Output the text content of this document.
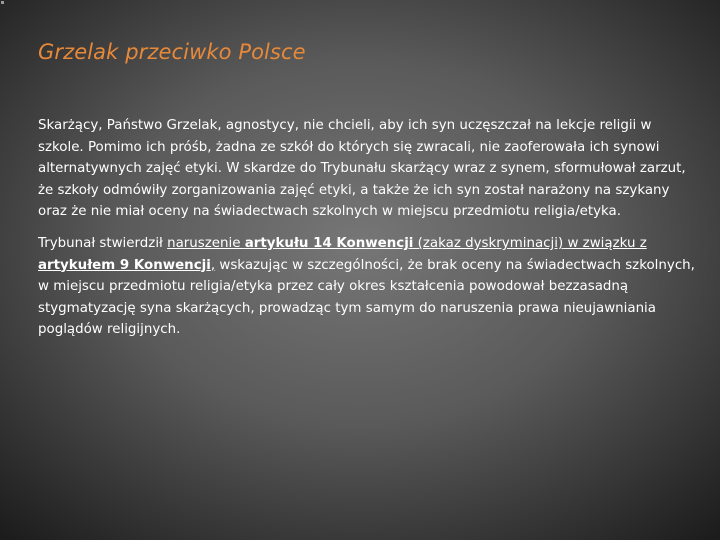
Grzelak przeciwko Polsce

Skarżący, Państwo Grzelak, agnostycy, nie chcieli, aby ich syn uczęszczał na lekcje religii w szkole. Pomimo ich próśb, żadna ze szkół do których się zwracali, nie zaoferowała ich synowi alternatywnych zajęć etyki. W skardze do Trybunału skarżący wraz z synem, sformułował zarzut, że szkoły odmówiły zorganizowania zajęć etyki, a także że ich syn został narażony na szykany oraz że nie miał oceny na świadectwach szkolnych w miejscu przedmiotu religia/etyka.

Trybunał stwierdził naruszenie artykułu 14 Konwencji (zakaz dyskryminacji) w związku z artykułem 9 Konwencji, wskazując w szczególności, że brak oceny na świadectwach szkolnych, w miejscu przedmiotu religia/etyka przez cały okres kształcenia powodował bezzasadną stygmatyzację syna skarżących, prowadząc tym samym do naruszenia prawa nieujawniania poglądów religijnych.
